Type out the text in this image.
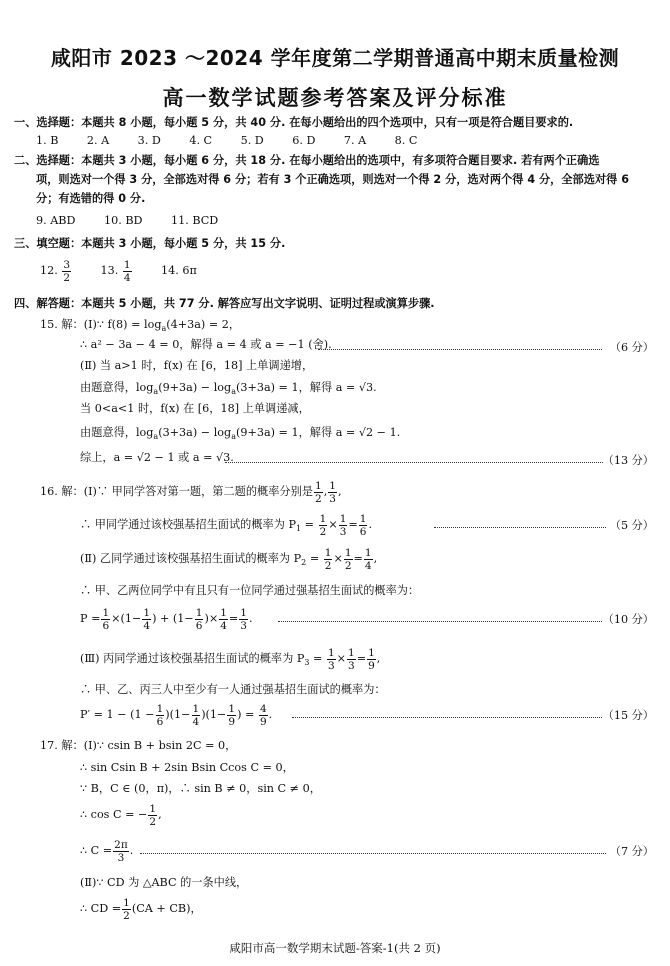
咸阳市 2023 ～2024 学年度第二学期普通高中期末质量检测
高一数学试题参考答案及评分标准
一、选择题：本题共 8 小题，每小题 5 分，共 40 分. 在每小题给出的四个选项中，只有一项是符合题目要求的.
1. B	2. A	3. D	4. C	5. D	6. D	7. A	8. C
二、选择题：本题共 3 小题，每小题 6 分，共 18 分. 在每小题给出的选项中，有多项符合题目要求. 若有两个正确选
项，则选对一个得 3 分，全部选对得 6 分；若有 3 个正确选项，则选对一个得 2 分，选对两个得 4 分，全部选对得 6
分；有选错的得 0 分.
9. ABD	10. BD	11. BCD
三、填空题：本题共 3 小题，每小题 5 分，共 15 分.
12. $\frac{3}{2}$	13. $\frac{1}{4}$	14. 6π
四、解答题：本题共 5 小题，共 77 分. 解答应写出文字说明、证明过程或演算步骤.
15. 解：(Ⅰ)∵ $f(8) = \log_a(4+3a) = 2$，
∴ a² − 3a − 4 = 0，解得 a = 4 或 a = −1 (舍).	（6 分）
(Ⅱ) 当 a>1 时，f(x) 在 [6，18] 上单调递增，
由题意得，$\log_a(9+3a) - \log_a(3+3a) = 1$，解得 a = √3.
当 0<a<1 时，f(x) 在 [6，18] 上单调递减，
由题意得，$\log_a(3+3a) - \log_a(9+3a) = 1$，解得 a = √2 − 1.
综上，a = √2 − 1 或 a = √3.	（13 分）
16. 解：(Ⅰ)∵ 甲同学答对第一题，第二题的概率分别是 $\frac{1}{2}$ , $\frac{1}{3}$ ,
∴ 甲同学通过该校强基招生面试的概率为 $P_1 = \frac{1}{2} \times \frac{1}{3} = \frac{1}{6}$ .	（5 分）
(Ⅱ) 乙同学通过该校强基招生面试的概率为 $P_2 = \frac{1}{2} \times \frac{1}{2} = \frac{1}{4}$ ,
∴ 甲、乙两位同学中有且只有一位同学通过强基招生面试的概率为：
$P = \frac{1}{6} \times(1- \frac{1}{4}$ ) + ($1- \frac{1}{6}$ )× $\frac{1}{4} = \frac{1}{3}$ .	（10 分）
(Ⅲ) 丙同学通过该校强基招生面试的概率为 $P_3 = \frac{1}{3} \times \frac{1}{3} = \frac{1}{9}$ ,
∴ 甲、乙、丙三人中至少有一人通过强基招生面试的概率为：
$P' = 1 - (1 - \frac{1}{6} )(1- \frac{1}{4} )(1- \frac{1}{9}$ ) = $\frac{4}{9}$ .	（15 分）
17. 解：(Ⅰ)∵ csin B + bsin 2C = 0，
∴ sin Csin B + 2sin Bsin Ccos C = 0，
∵ B，C ∈ (0，π)，∴ sin B ≠ 0，sin C ≠ 0，
∴ cos C = − $\frac{1}{2}$ ,
∴ $C = \frac{2\pi}{3}$ .	（7 分）
(Ⅱ)∵ CD 为 △ABC 的一条中线，
∴ CD = $\frac{1}{2} (CA + CB)$，
咸阳市高一数学期末试题-答案-1(共 2 页)
